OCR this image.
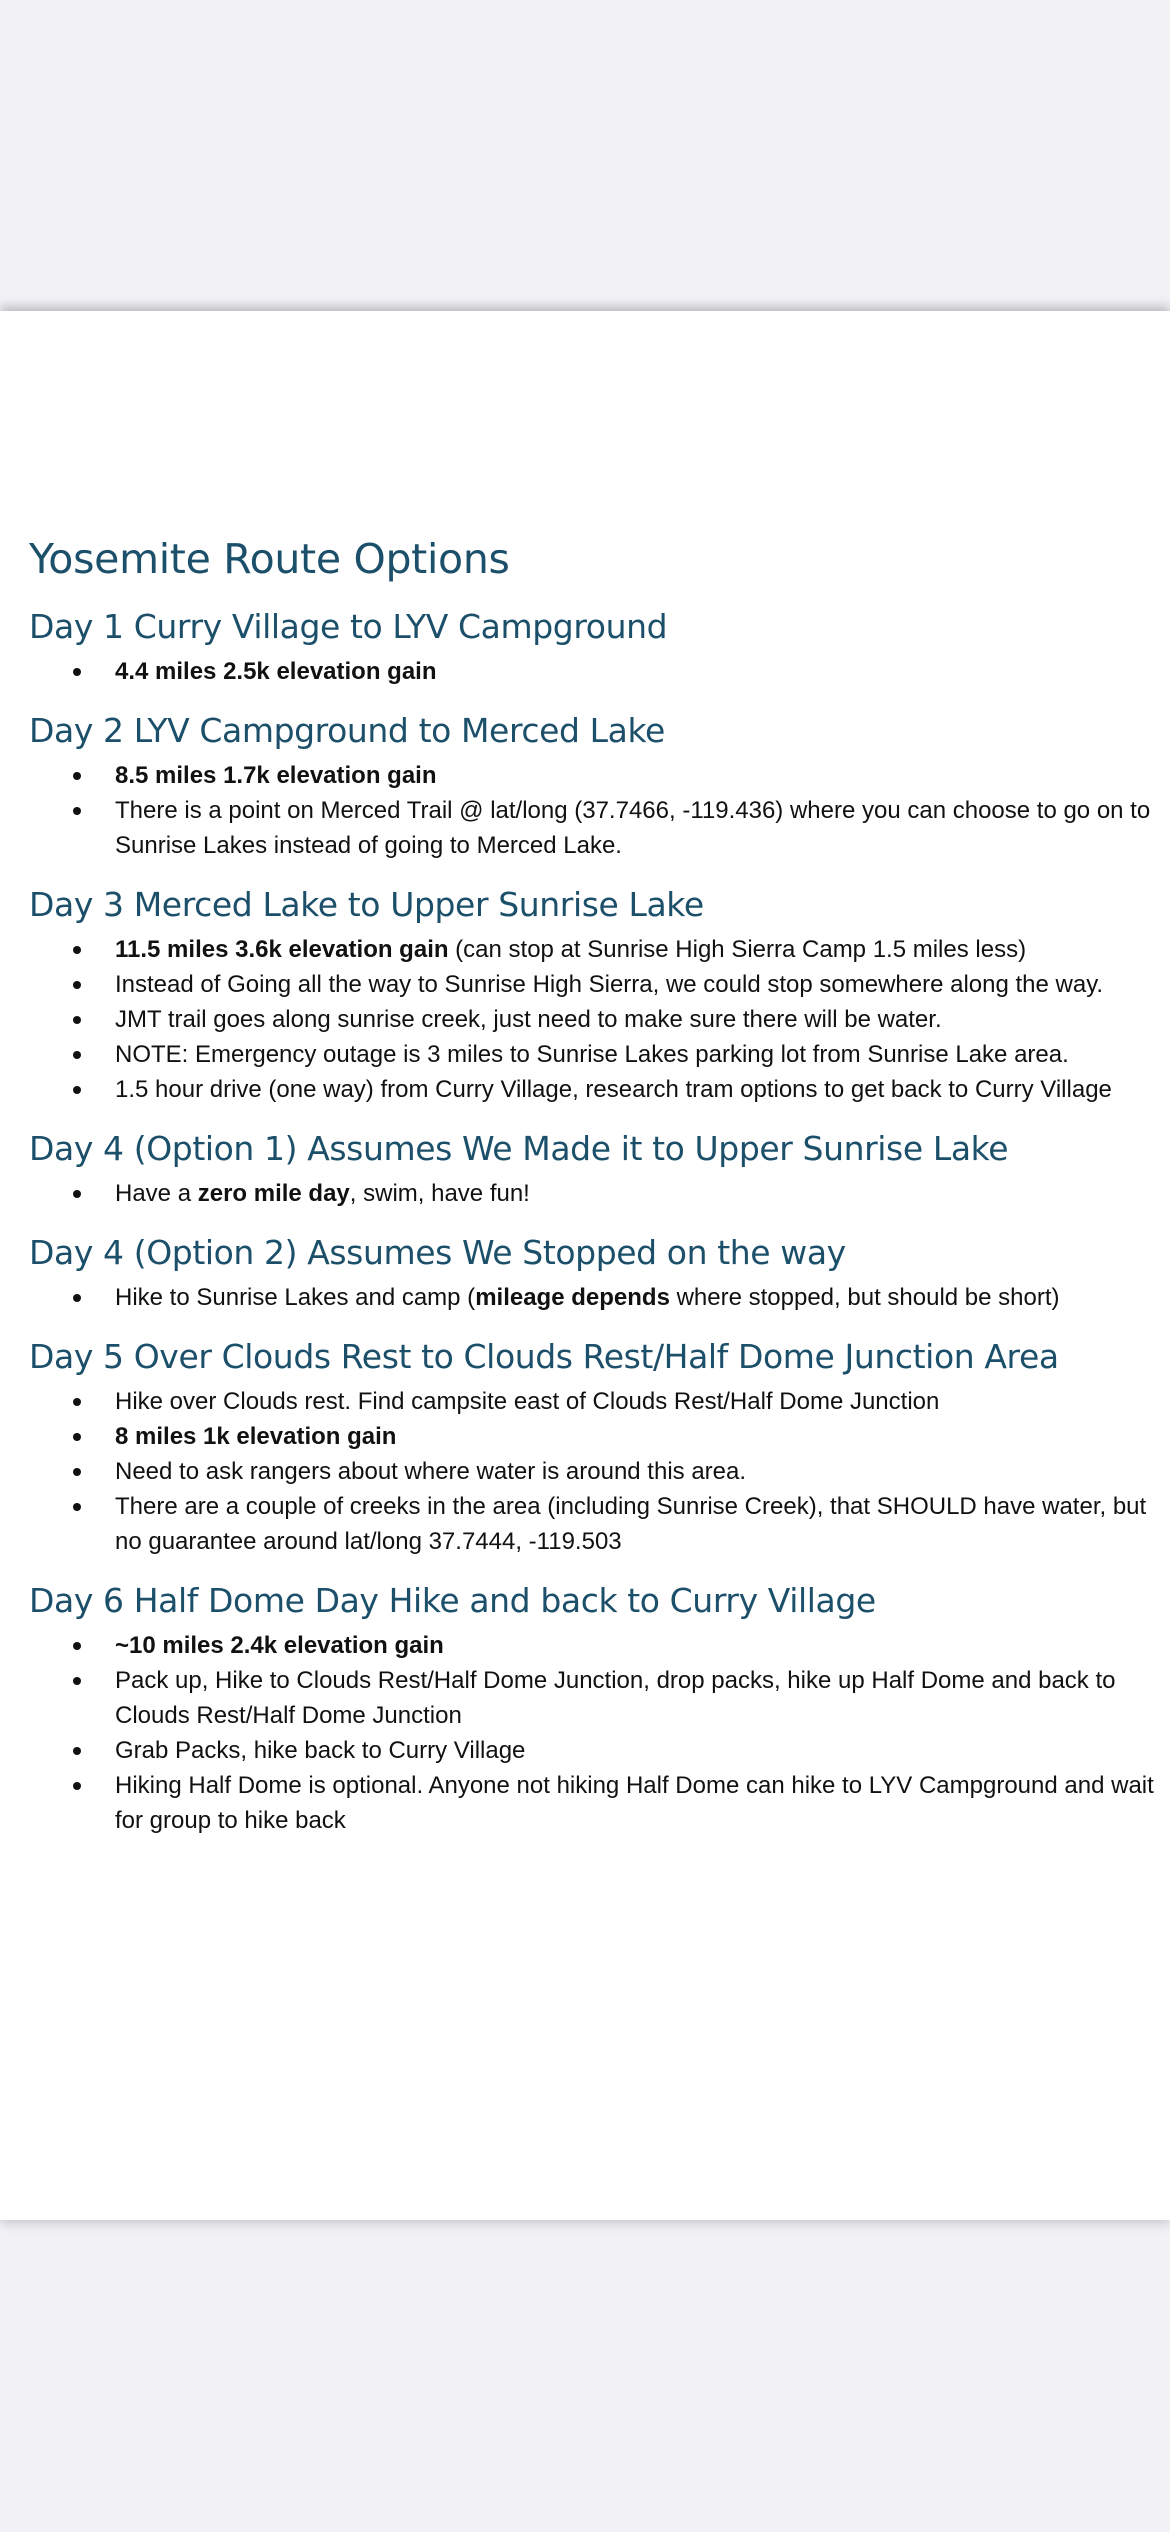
Yosemite Route Options
Day 1 Curry Village to LYV Campground
4.4 miles 2.5k elevation gain
Day 2 LYV Campground to Merced Lake
8.5 miles 1.7k elevation gain
There is a point on Merced Trail @ lat/long (37.7466, -119.436) where you can choose to go on to Sunrise Lakes instead of going to Merced Lake.
Day 3 Merced Lake to Upper Sunrise Lake
11.5 miles 3.6k elevation gain (can stop at Sunrise High Sierra Camp 1.5 miles less)
Instead of Going all the way to Sunrise High Sierra, we could stop somewhere along the way.
JMT trail goes along sunrise creek, just need to make sure there will be water.
NOTE: Emergency outage is 3 miles to Sunrise Lakes parking lot from Sunrise Lake area.
1.5 hour drive (one way) from Curry Village, research tram options to get back to Curry Village
Day 4 (Option 1) Assumes We Made it to Upper Sunrise Lake
Have a zero mile day, swim, have fun!
Day 4 (Option 2) Assumes We Stopped on the way
Hike to Sunrise Lakes and camp (mileage depends where stopped, but should be short)
Day 5 Over Clouds Rest to Clouds Rest/Half Dome Junction Area
Hike over Clouds rest. Find campsite east of Clouds Rest/Half Dome Junction
8 miles 1k elevation gain
Need to ask rangers about where water is around this area.
There are a couple of creeks in the area (including Sunrise Creek), that SHOULD have water, but no guarantee around lat/long 37.7444, -119.503
Day 6 Half Dome Day Hike and back to Curry Village
~10 miles 2.4k elevation gain
Pack up, Hike to Clouds Rest/Half Dome Junction, drop packs, hike up Half Dome and back to Clouds Rest/Half Dome Junction
Grab Packs, hike back to Curry Village
Hiking Half Dome is optional. Anyone not hiking Half Dome can hike to LYV Campground and wait for group to hike back
